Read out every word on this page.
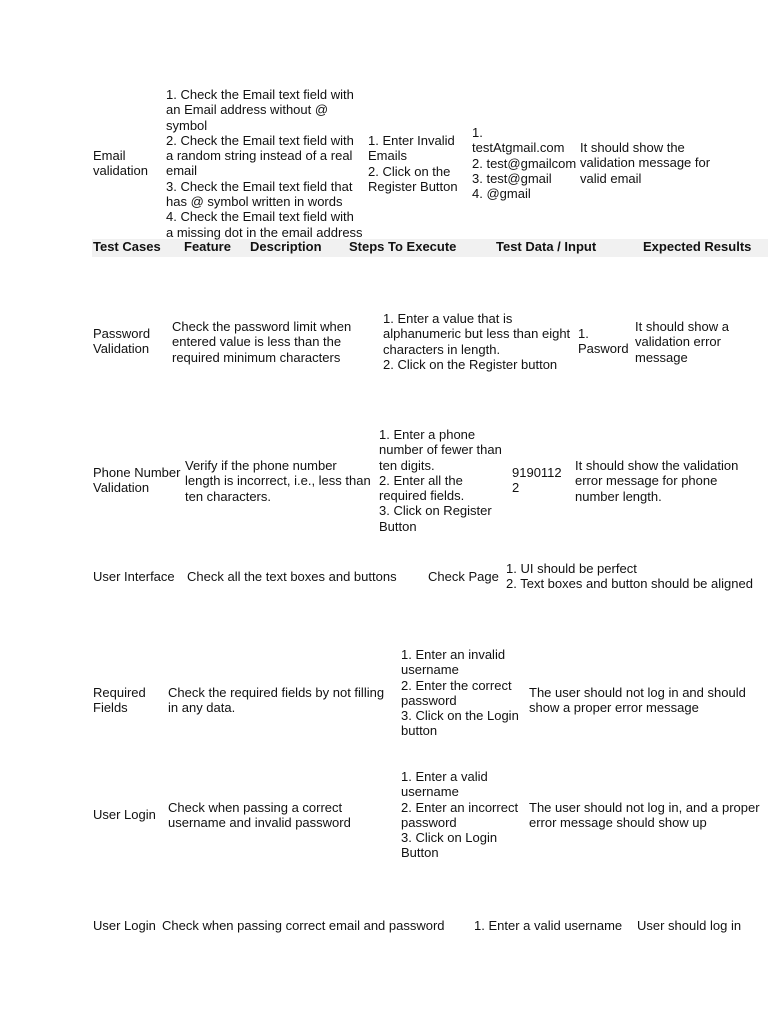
Test Cases Feature Description Steps To Execute	Test Data / Input	Expected Results
Email
validation
1. Check the Email text field with
an Email address without @
symbol
2. Check the Email text field with
a random string instead of a real
email
3. Check the Email text field that
has @ symbol written in words
4. Check the Email text field with
a missing dot in the email address
1. Enter Invalid
Emails
2. Click on the
Register Button
1.
testAtgmail.com
2. test@gmailcom
3. test@gmail
4. @gmail
It should show the
validation message for
valid email
Password
Validation
Check the password limit when
entered value is less than the
required minimum characters
1. Enter a value that is
alphanumeric but less than eight
characters in length.
2. Click on the Register button
1.
Pasword
It should show a
validation error
message
Phone Number
Validation
Verify if the phone number
length is incorrect, i.e., less than
ten characters.
1. Enter a phone
number of fewer than
ten digits.
2. Enter all the
required fields.
3. Click on Register
Button
9190112
2
It should show the validation
error message for phone
number length.
User Interface Check all the text boxes and buttons Check Page
1. UI should be perfect
2. Text boxes and button should be aligned
Required
Fields
Check the required fields by not filling
in any data.
1. Enter an invalid
username
2. Enter the correct
password
3. Click on the Login
button
The user should not log in and should
show a proper error message
User Login Check when passing a correct
username and invalid password
1. Enter a valid
username
2. Enter an incorrect
password
3. Click on Login
Button
The user should not log in, and a proper
error message should show up
User Login Check when passing correct email and password 1. Enter a valid username User should log in
